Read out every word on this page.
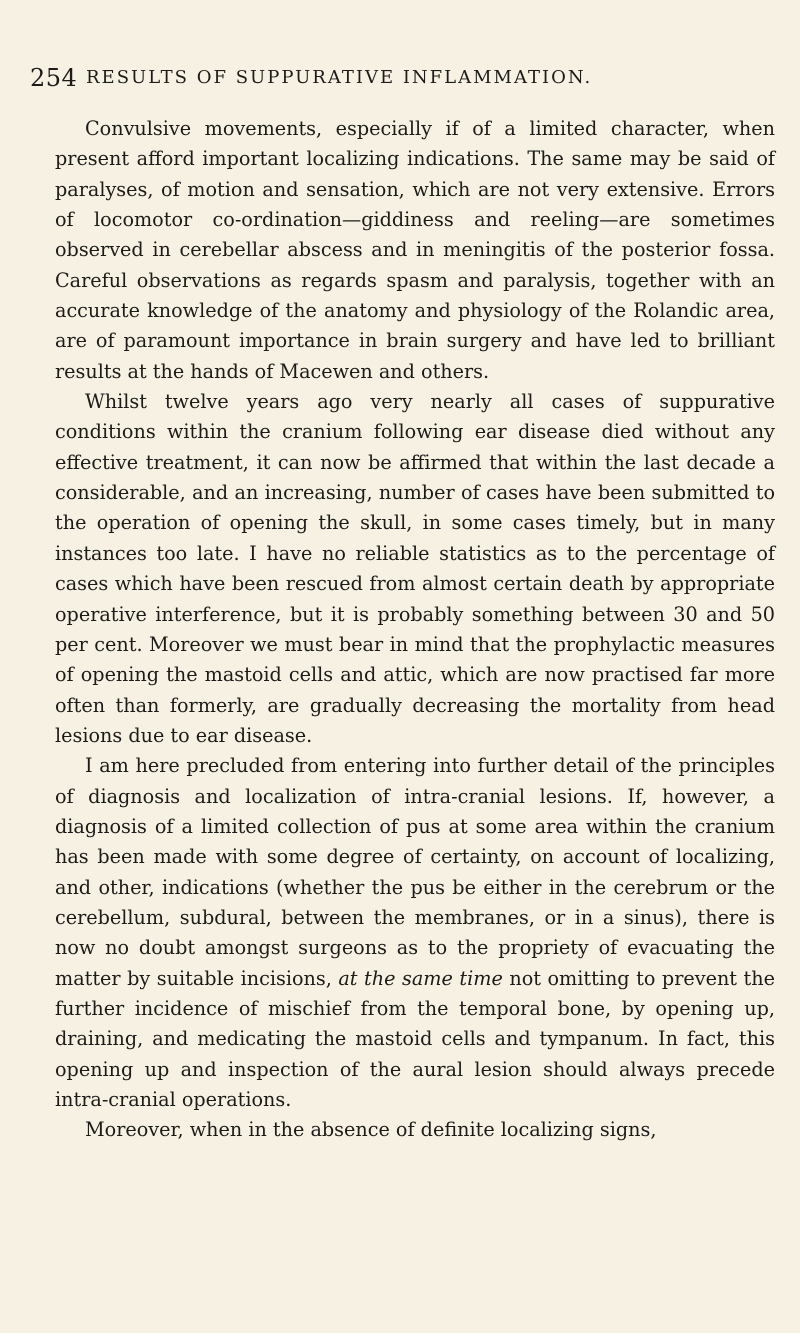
254 RESULTS OF SUPPURATIVE INFLAMMATION.

Convulsive movements, especially if of a limited character, when present afford important localizing indications. The same may be said of paralyses, of motion and sensation, which are not very extensive. Errors of locomotor co-ordination—giddiness and reeling—are sometimes observed in cerebellar abscess and in meningitis of the posterior fossa. Careful observations as regards spasm and paralysis, together with an accurate knowledge of the anatomy and physiology of the Rolandic area, are of paramount importance in brain surgery and have led to brilliant results at the hands of Macewen and others.

Whilst twelve years ago very nearly all cases of suppurative conditions within the cranium following ear disease died without any effective treatment, it can now be affirmed that within the last decade a considerable, and an increasing, number of cases have been submitted to the operation of opening the skull, in some cases timely, but in many instances too late. I have no reliable statistics as to the percentage of cases which have been rescued from almost certain death by appropriate operative interference, but it is probably something between 30 and 50 per cent. Moreover we must bear in mind that the prophylactic measures of opening the mastoid cells and attic, which are now practised far more often than formerly, are gradually decreasing the mortality from head lesions due to ear disease.

I am here precluded from entering into further detail of the principles of diagnosis and localization of intra-cranial lesions. If, however, a diagnosis of a limited collection of pus at some area within the cranium has been made with some degree of certainty, on account of localizing, and other, indications (whether the pus be either in the cerebrum or the cerebellum, subdural, between the membranes, or in a sinus), there is now no doubt amongst surgeons as to the propriety of evacuating the matter by suitable incisions, at the same time not omitting to prevent the further incidence of mischief from the temporal bone, by opening up, draining, and medicating the mastoid cells and tympanum. In fact, this opening up and inspection of the aural lesion should always precede intra-cranial operations.

Moreover, when in the absence of definite localizing signs,
